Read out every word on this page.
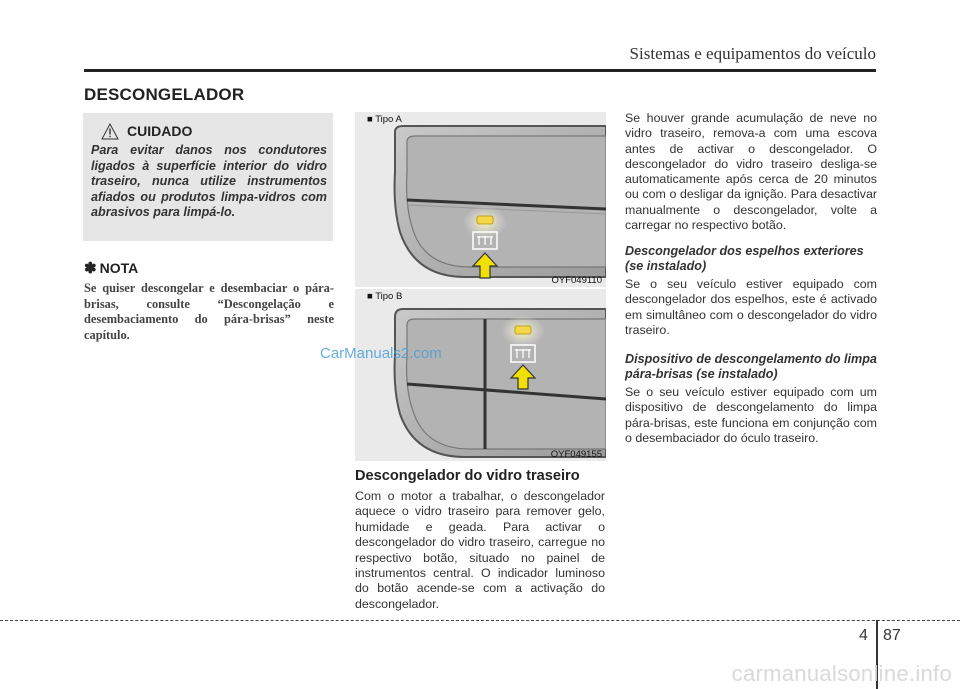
Sistemas e equipamentos do veículo
DESCONGELADOR
CUIDADO
Para evitar danos nos condutores ligados à superfície interior do vidro traseiro, nunca utilize instrumentos afiados ou produtos limpa-vidros com abrasivos para limpá-lo.
✽ NOTA
Se quiser descongelar e desembaciar o pára-brisas, consulte “Descongelação e desembaciamento do pára-brisas” neste capítulo.
■ Tipo A
OYF049110
■ Tipo B
OYF049155
CarManuals2.com
Descongelador do vidro traseiro
Com o motor a trabalhar, o descongelador aquece o vidro traseiro para remover gelo, humidade e geada. Para activar o descongelador do vidro traseiro, carregue no respectivo botão, situado no painel de instrumentos central. O indicador luminoso do botão acende-se com a activação do descongelador.

Se houver grande acumulação de neve no vidro traseiro, remova-a com uma escova antes de activar o descongelador. O descongelador do vidro traseiro desliga-se automaticamente após cerca de 20 minutos ou com o desligar da ignição. Para desactivar manualmente o descongelador, volte a carregar no respectivo botão.

Descongelador dos espelhos exteriores (se instalado)

Se o seu veículo estiver equipado com descongelador dos espelhos, este é activado em simultâneo com o descongelador do vidro traseiro.

Dispositivo de descongelamento do limpa pára-brisas (se instalado)

Se o seu veículo estiver equipado com um dispositivo de descongelamento do limpa pára-brisas, este funciona em conjunção com o desembaciador do óculo traseiro.

4 87
carmanualsonline.info
